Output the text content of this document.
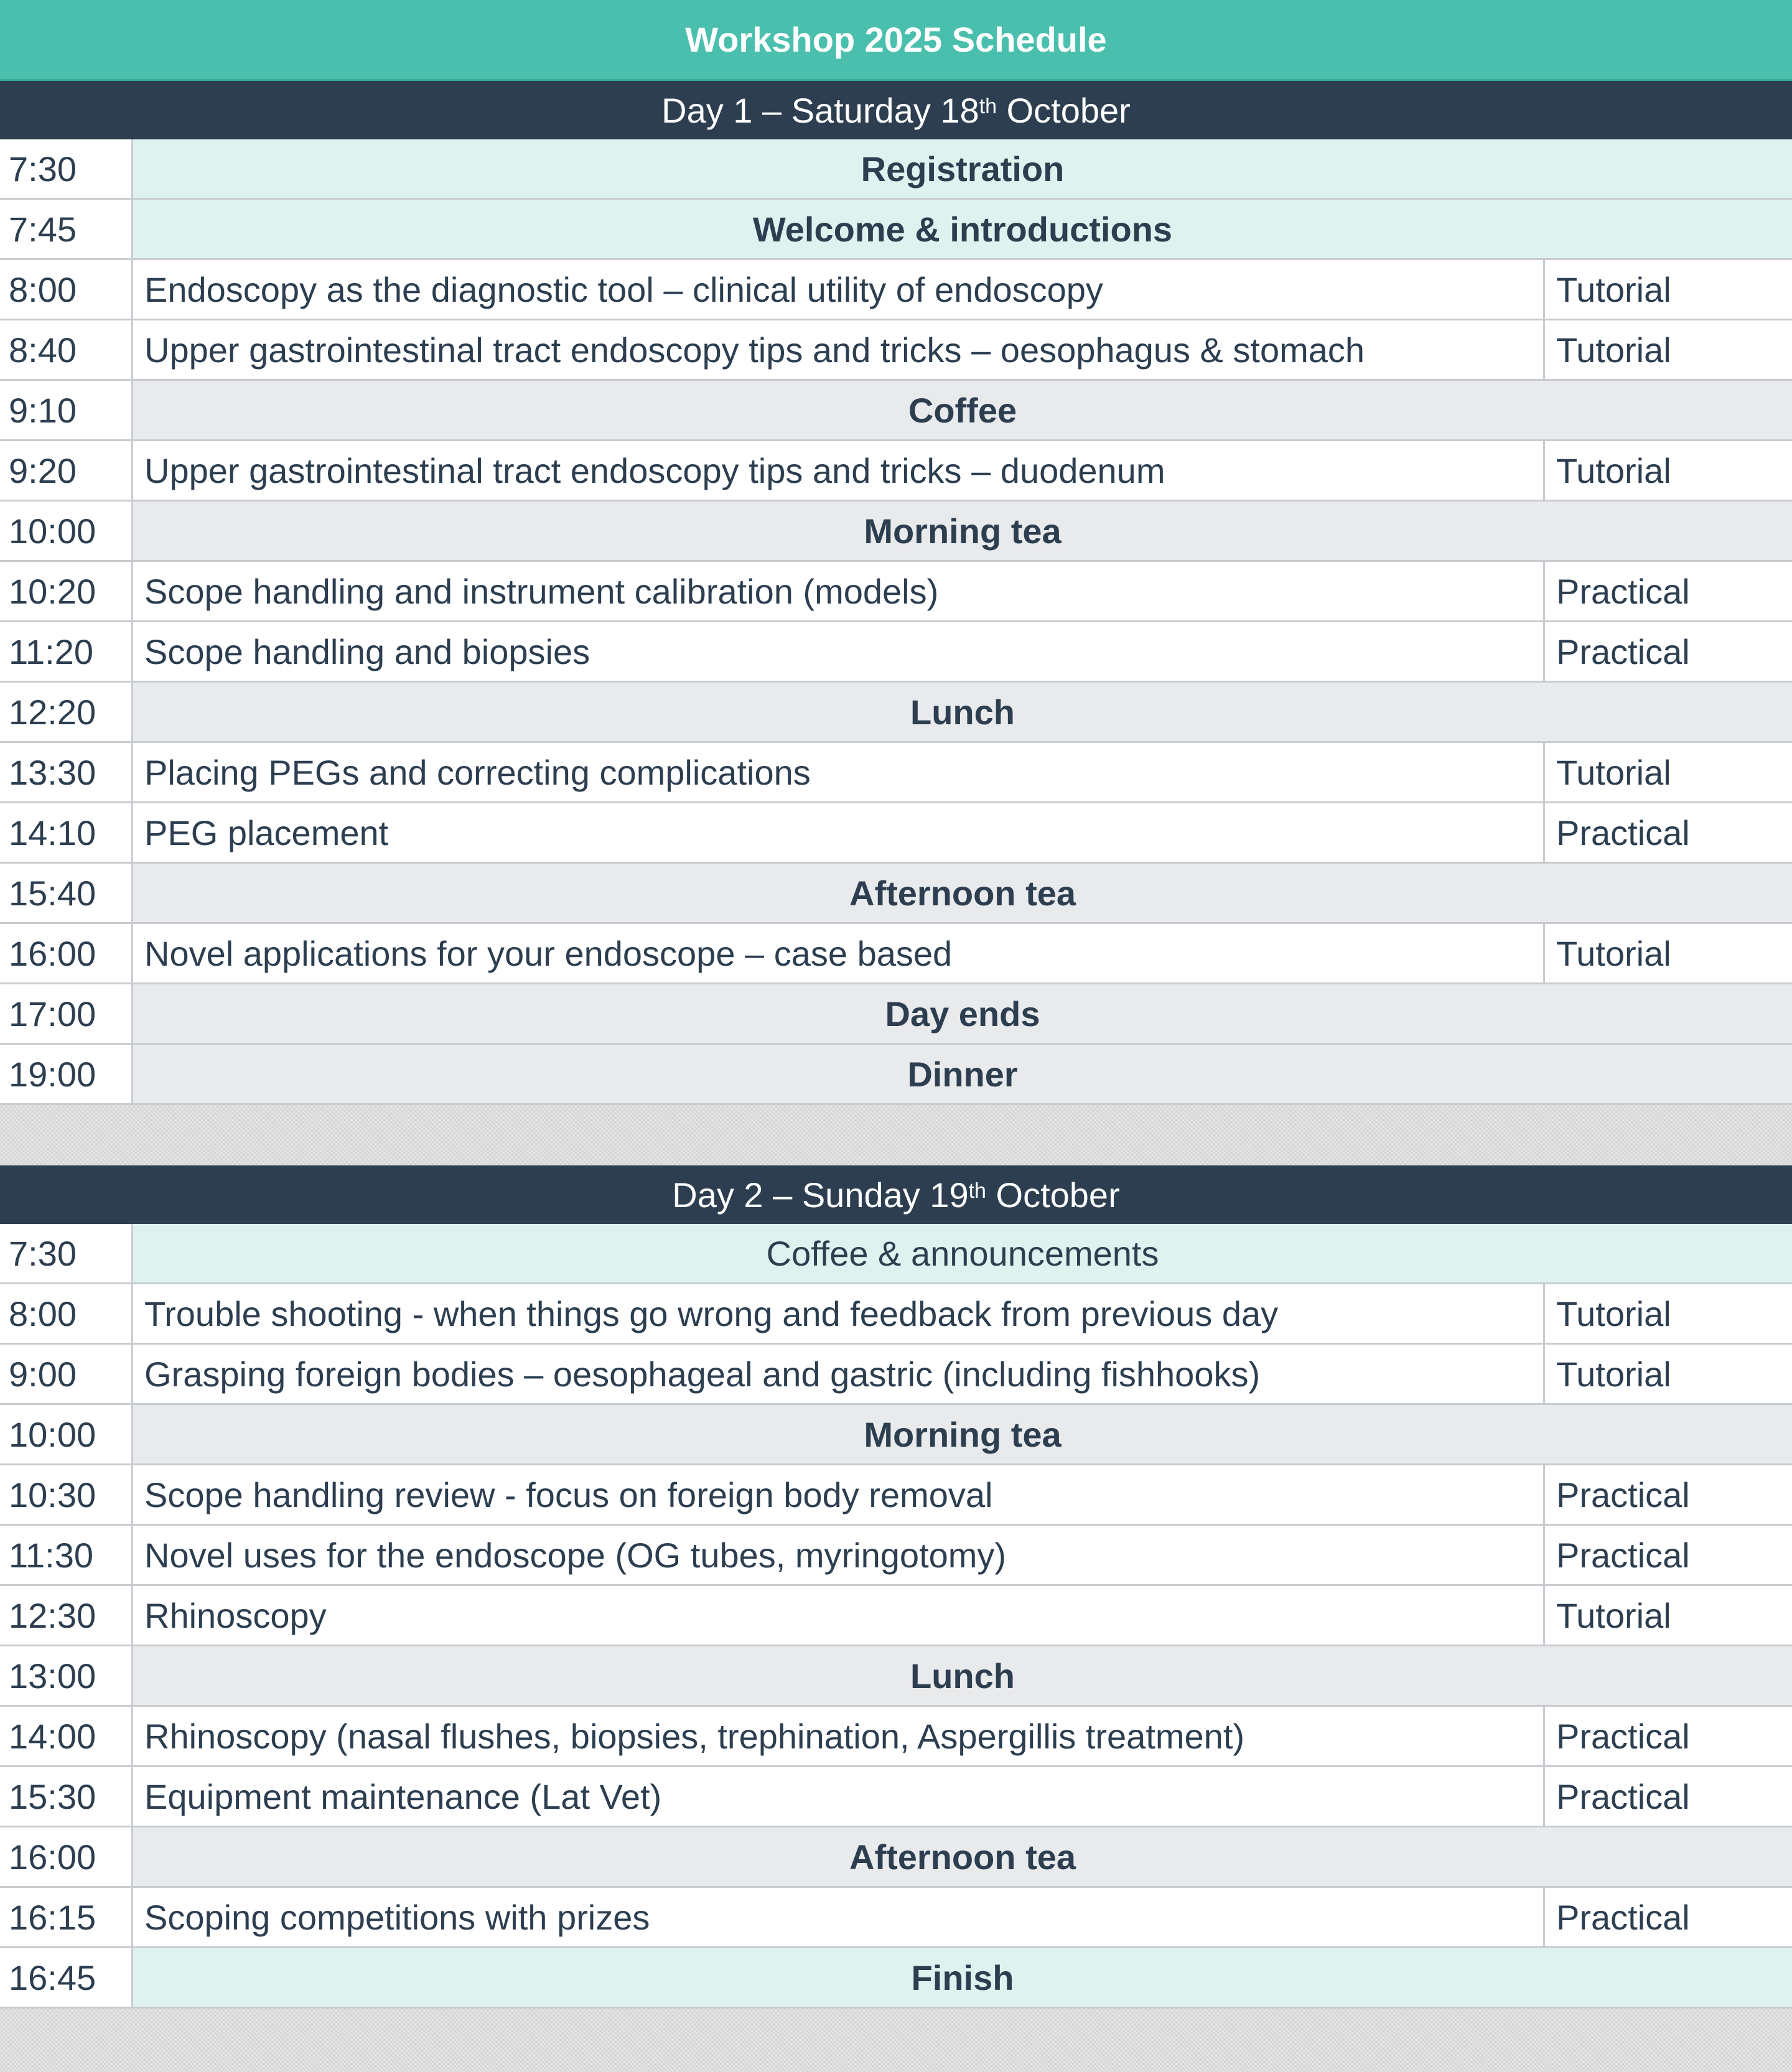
Workshop 2025 Schedule
Day 1 – Saturday 18th October
7:30	Registration
7:45	Welcome & introductions
8:00	Endoscopy as the diagnostic tool – clinical utility of endoscopy	Tutorial
8:40	Upper gastrointestinal tract endoscopy tips and tricks – oesophagus & stomach	Tutorial
9:10	Coffee
9:20	Upper gastrointestinal tract endoscopy tips and tricks – duodenum	Tutorial
10:00	Morning tea
10:20	Scope handling and instrument calibration (models)	Practical
11:20	Scope handling and biopsies	Practical
12:20	Lunch
13:30	Placing PEGs and correcting complications	Tutorial
14:10	PEG placement	Practical
15:40	Afternoon tea
16:00	Novel applications for your endoscope – case based	Tutorial
17:00	Day ends
19:00	Dinner
Day 2 – Sunday 19th October
7:30	Coffee & announcements
8:00	Trouble shooting - when things go wrong and feedback from previous day	Tutorial
9:00	Grasping foreign bodies – oesophageal and gastric (including fishhooks)	Tutorial
10:00	Morning tea
10:30	Scope handling review - focus on foreign body removal	Practical
11:30	Novel uses for the endoscope (OG tubes, myringotomy)	Practical
12:30	Rhinoscopy	Tutorial
13:00	Lunch
14:00	Rhinoscopy (nasal flushes, biopsies, trephination, Aspergillis treatment)	Practical
15:30	Equipment maintenance (Lat Vet)	Practical
16:00	Afternoon tea
16:15	Scoping competitions with prizes	Practical
16:45	Finish
